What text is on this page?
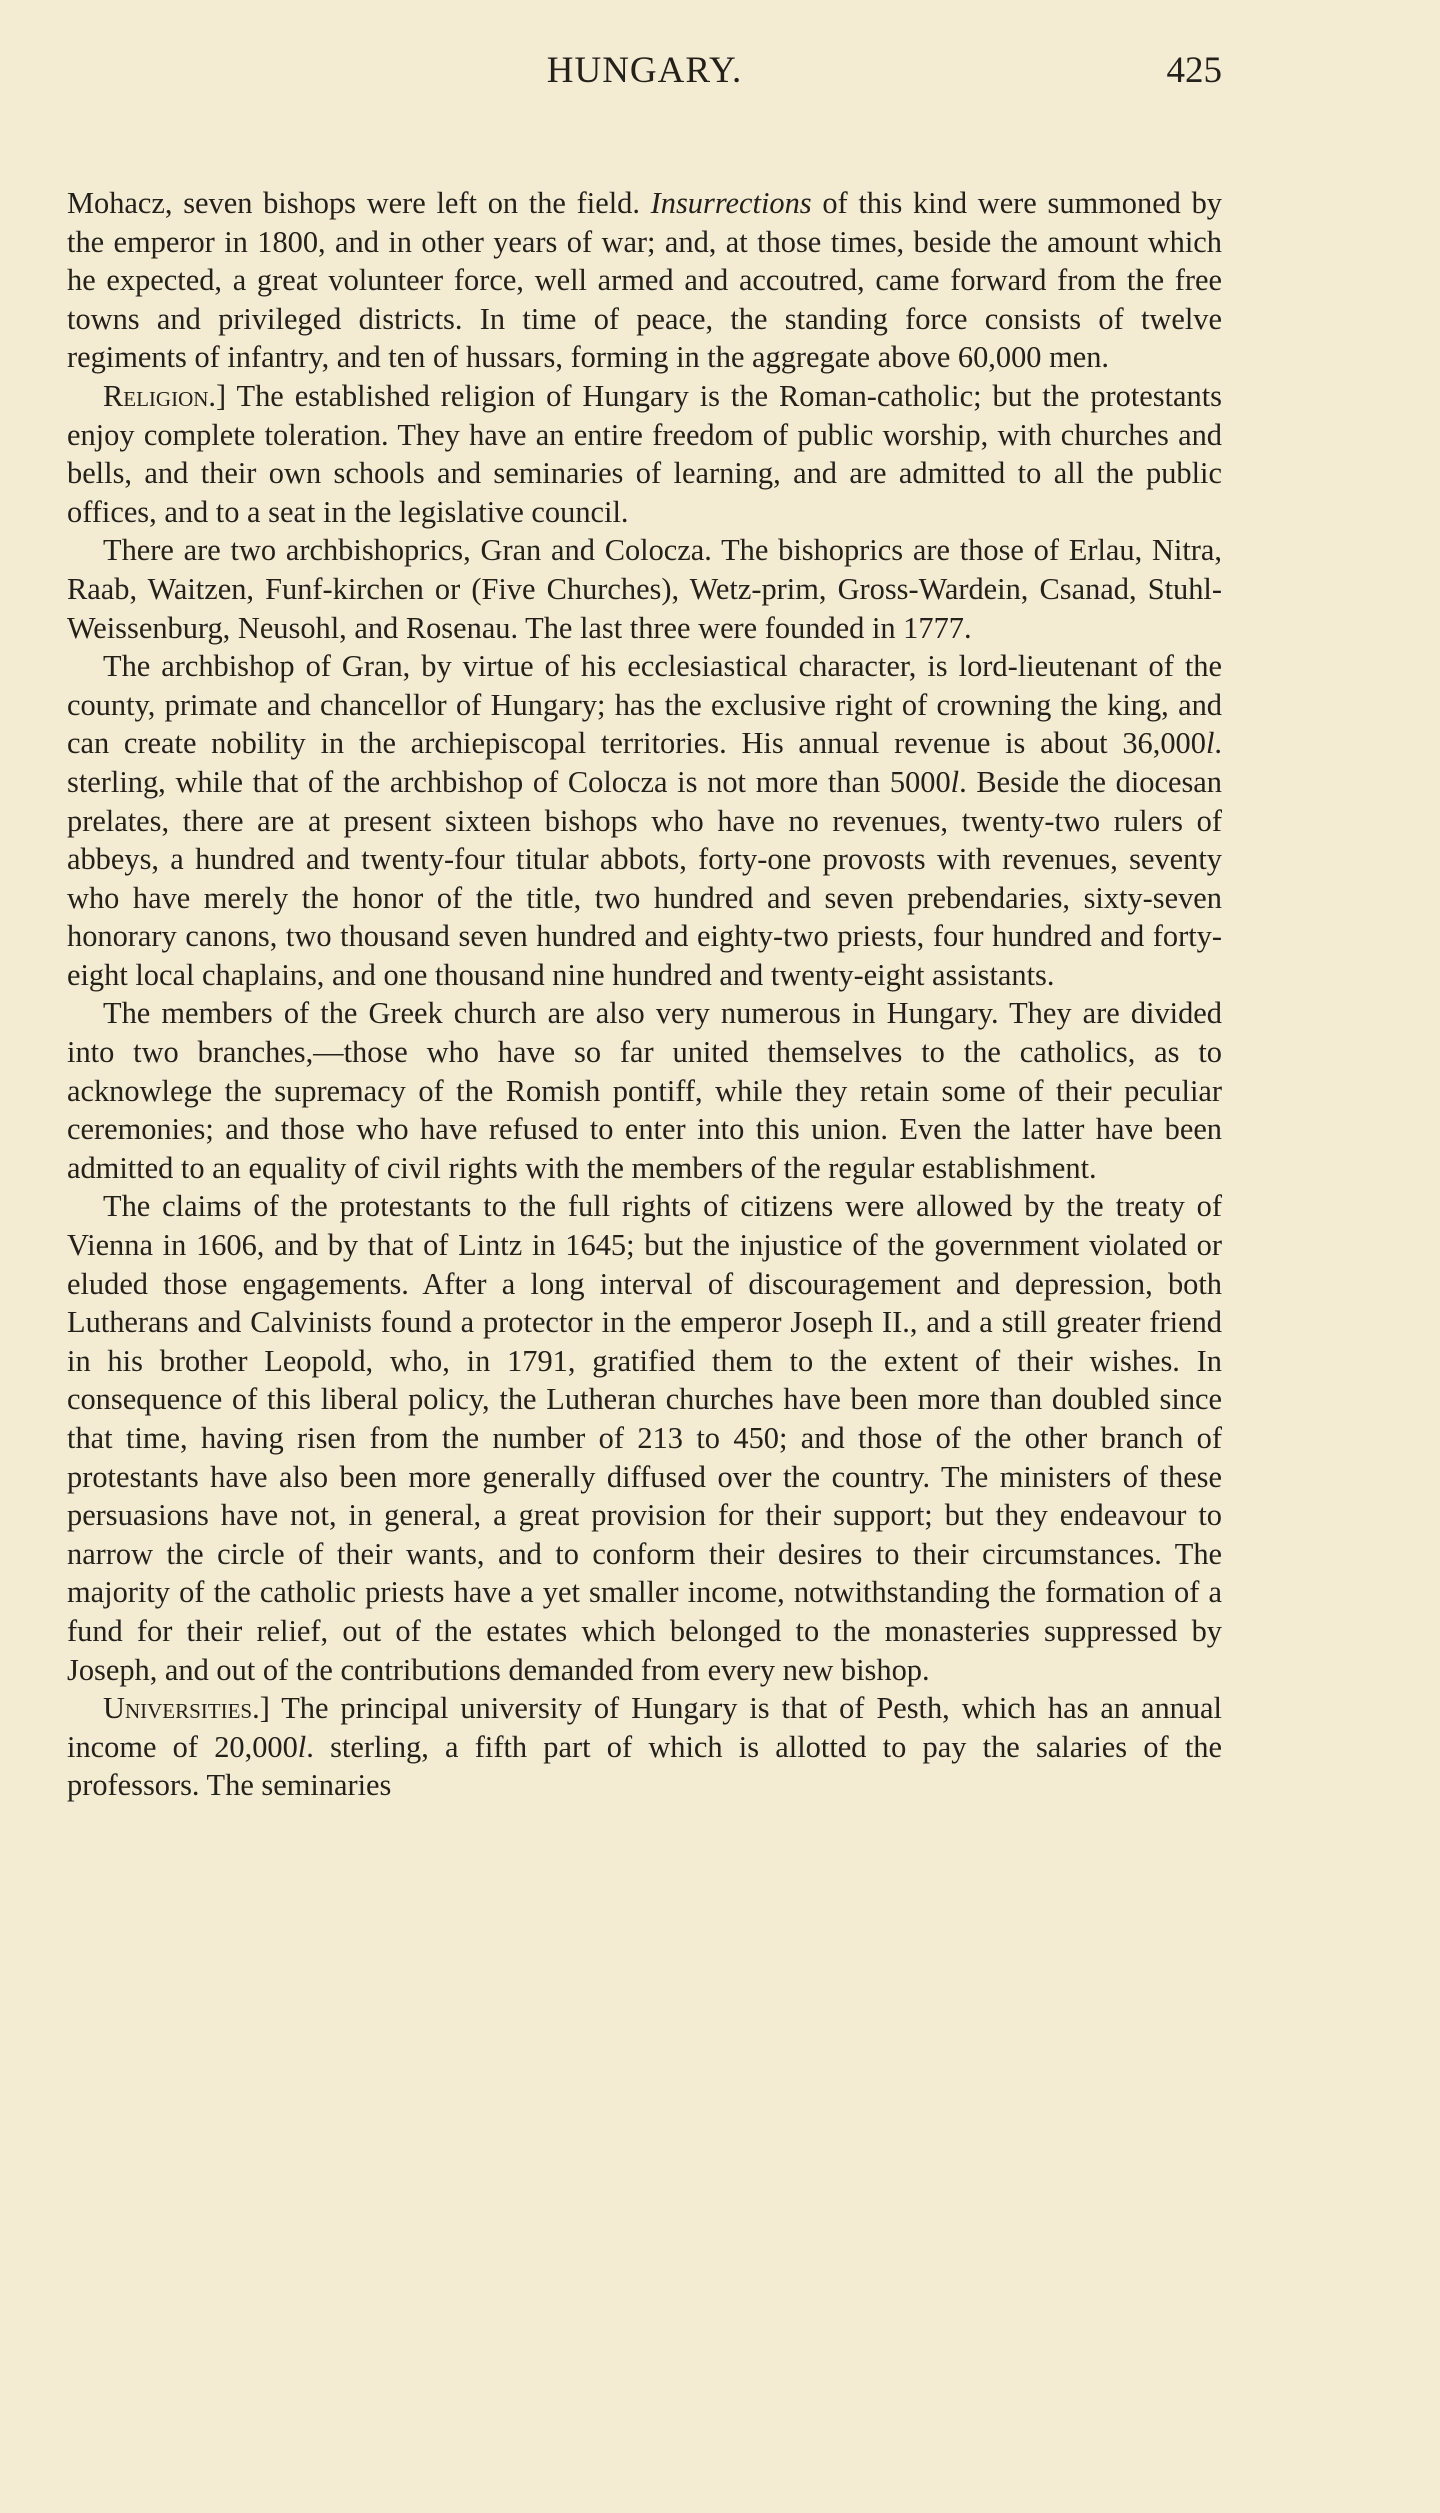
HUNGARY.	425

Mohacz, seven bishops were left on the field. Insurrections of this kind were summoned by the emperor in 1800, and in other years of war; and, at those times, beside the amount which he expected, a great volunteer force, well armed and accoutred, came forward from the free towns and privileged districts. In time of peace, the standing force consists of twelve regiments of infantry, and ten of hussars, forming in the aggregate above 60,000 men.

Religion.] The established religion of Hungary is the Roman-catholic; but the protestants enjoy complete toleration. They have an entire freedom of public worship, with churches and bells, and their own schools and seminaries of learning, and are admitted to all the public offices, and to a seat in the legislative council.

There are two archbishoprics, Gran and Colocza. The bishoprics are those of Erlau, Nitra, Raab, Waitzen, Funf-kirchen or (Five Churches), Wetz-prim, Gross-Wardein, Csanad, Stuhl-Weissenburg, Neusohl, and Rosenau. The last three were founded in 1777.

The archbishop of Gran, by virtue of his ecclesiastical character, is lord-lieutenant of the county, primate and chancellor of Hungary; has the exclusive right of crowning the king, and can create nobility in the archiepiscopal territories. His annual revenue is about 36,000l. sterling, while that of the archbishop of Colocza is not more than 5000l. Beside the diocesan prelates, there are at present sixteen bishops who have no revenues, twenty-two rulers of abbeys, a hundred and twenty-four titular abbots, forty-one provosts with revenues, seventy who have merely the honor of the title, two hundred and seven prebendaries, sixty-seven honorary canons, two thousand seven hundred and eighty-two priests, four hundred and forty-eight local chaplains, and one thousand nine hundred and twenty-eight assistants.

The members of the Greek church are also very numerous in Hungary. They are divided into two branches,—those who have so far united themselves to the catholics, as to acknowlege the supremacy of the Romish pontiff, while they retain some of their peculiar ceremonies; and those who have refused to enter into this union. Even the latter have been admitted to an equality of civil rights with the members of the regular establishment.

The claims of the protestants to the full rights of citizens were allowed by the treaty of Vienna in 1606, and by that of Lintz in 1645; but the injustice of the government violated or eluded those engagements. After a long interval of discouragement and depression, both Lutherans and Calvinists found a protector in the emperor Joseph II., and a still greater friend in his brother Leopold, who, in 1791, gratified them to the extent of their wishes. In consequence of this liberal policy, the Lutheran churches have been more than doubled since that time, having risen from the number of 213 to 450; and those of the other branch of protestants have also been more generally diffused over the country. The ministers of these persuasions have not, in general, a great provision for their support; but they endeavour to narrow the circle of their wants, and to conform their desires to their circumstances. The majority of the catholic priests have a yet smaller income, notwithstanding the formation of a fund for their relief, out of the estates which belonged to the monasteries suppressed by Joseph, and out of the contributions demanded from every new bishop.

Universities.] The principal university of Hungary is that of Pesth, which has an annual income of 20,000l. sterling, a fifth part of which is allotted to pay the salaries of the professors. The seminaries
